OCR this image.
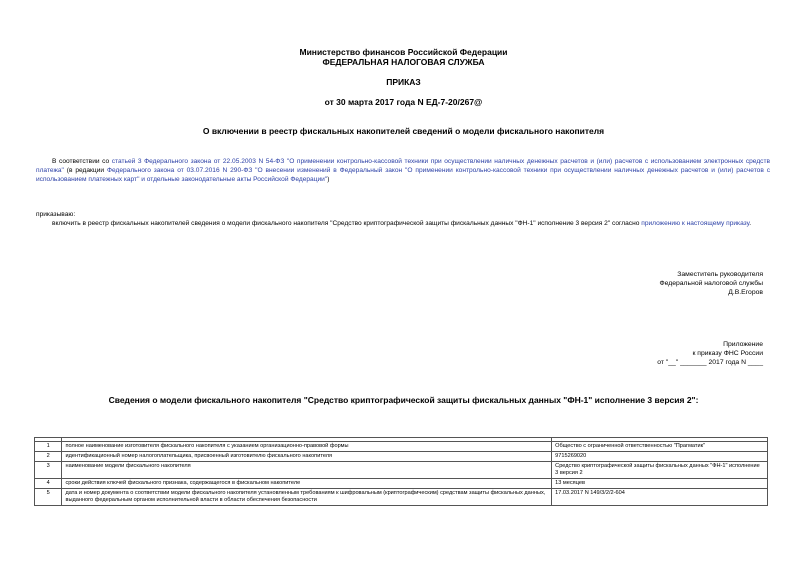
Министерство финансов Российской Федерации
ФЕДЕРАЛЬНАЯ НАЛОГОВАЯ СЛУЖБА
ПРИКАЗ
от 30 марта 2017 года N ЕД-7-20/267@
О включении в реестр фискальных накопителей сведений о модели фискального накопителя
В соответствии со статьей 3 Федерального закона от 22.05.2003 N 54-ФЗ "О применении контрольно-кассовой техники при осуществлении наличных денежных расчетов и (или) расчетов с использованием электронных средств платежа" (в редакции Федерального закона от 03.07.2016 N 290-ФЗ "О внесении изменений в Федеральный закон "О применении контрольно-кассовой техники при осуществлении наличных денежных расчетов и (или) расчетов с использованием платежных карт" и отдельные законодательные акты Российской Федерации")
приказываю:
включить в реестр фискальных накопителей сведения о модели фискального накопителя "Средство криптографической защиты фискальных данных "ФН-1" исполнение 3 версия 2" согласно приложению к настоящему приказу.
Заместитель руководителя
Федеральной налоговой службы
Д.В.Егоров
Приложение
к приказу ФНС России
от "__" _______ 2017 года N ____
Сведения о модели фискального накопителя "Средство криптографической защиты фискальных данных "ФН-1" исполнение 3 версия 2":

1	полное наименование изготовителя фискального накопителя с указанием организационно-правовой формы	Общество с ограниченной ответственностью "Прагматик"
2	идентификационный номер налогоплательщика, присвоенный изготовителю фискального накопителя	9715269020
3	наименование модели фискального накопителя	Средство криптографической защиты фискальных данных "ФН-1" исполнение 3 версия 2
4	сроки действия ключей фискального признака, содержащегося в фискальном накопителе	13 месяцев
5	дата и номер документа о соответствии модели фискального накопителя установленным требованиям к шифровальным (криптографическим) средствам защиты фискальных данных, выданного федеральным органом исполнительной власти в области обеспечения безопасности	17.03.2017 N 149/3/2/2-604
